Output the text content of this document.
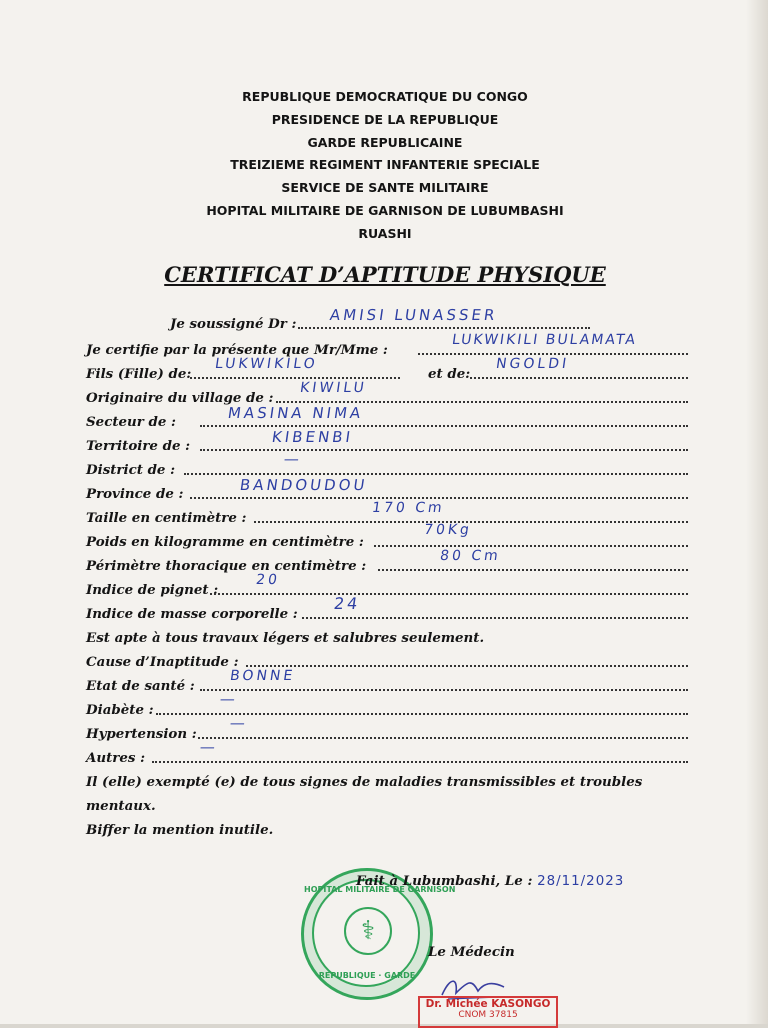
REPUBLIQUE DEMOCRATIQUE DU CONGO
PRESIDENCE DE LA REPUBLIQUE
GARDE REPUBLICAINE
TREIZIEME REGIMENT INFANTERIE SPECIALE
SERVICE DE SANTE MILITAIRE
HOPITAL MILITAIRE DE GARNISON DE LUBUMBASHI
RUASHI
CERTIFICAT D’APTITUDE PHYSIQUE
Je soussigné Dr : AMISI LUNASSER
Je certifie par la présente que Mr/Mme :
LUKWIKILI BULAMATA
Fils (Fille) de:
LUKWIKILO
et de:
NGOLDI
Originaire du village de :
KIWILU
Secteur de :	MASINA NIMA
Territoire de :	KIBENBI
District de :
—
Province de :	BANDOUDOU
Taille en centimètre :
170 Cm
Poids en kilogramme en centimètre :
70Kg
Périmètre thoracique en centimètre :
80 Cm
Indice de pignet :
20
Indice de masse corporelle :
24
Est apte à tous travaux légers et salubres seulement.
Cause d’Inaptitude :
Etat de santé :
BONNE
Diabète :
—
Hypertension :
—
Autres :
—
Il (elle) exempté (e) de tous signes de maladies transmissibles et troubles
mentaux.
Biffer la mention inutile.
HOPITAL MILITAIRE DE GARNISON
⚕
REPUBLIQUE · GARDE
Fait à Lubumbashi, Le : 28/11/2023
Le Médecin
Dr. Michée KASONGO
CNOM 37815
